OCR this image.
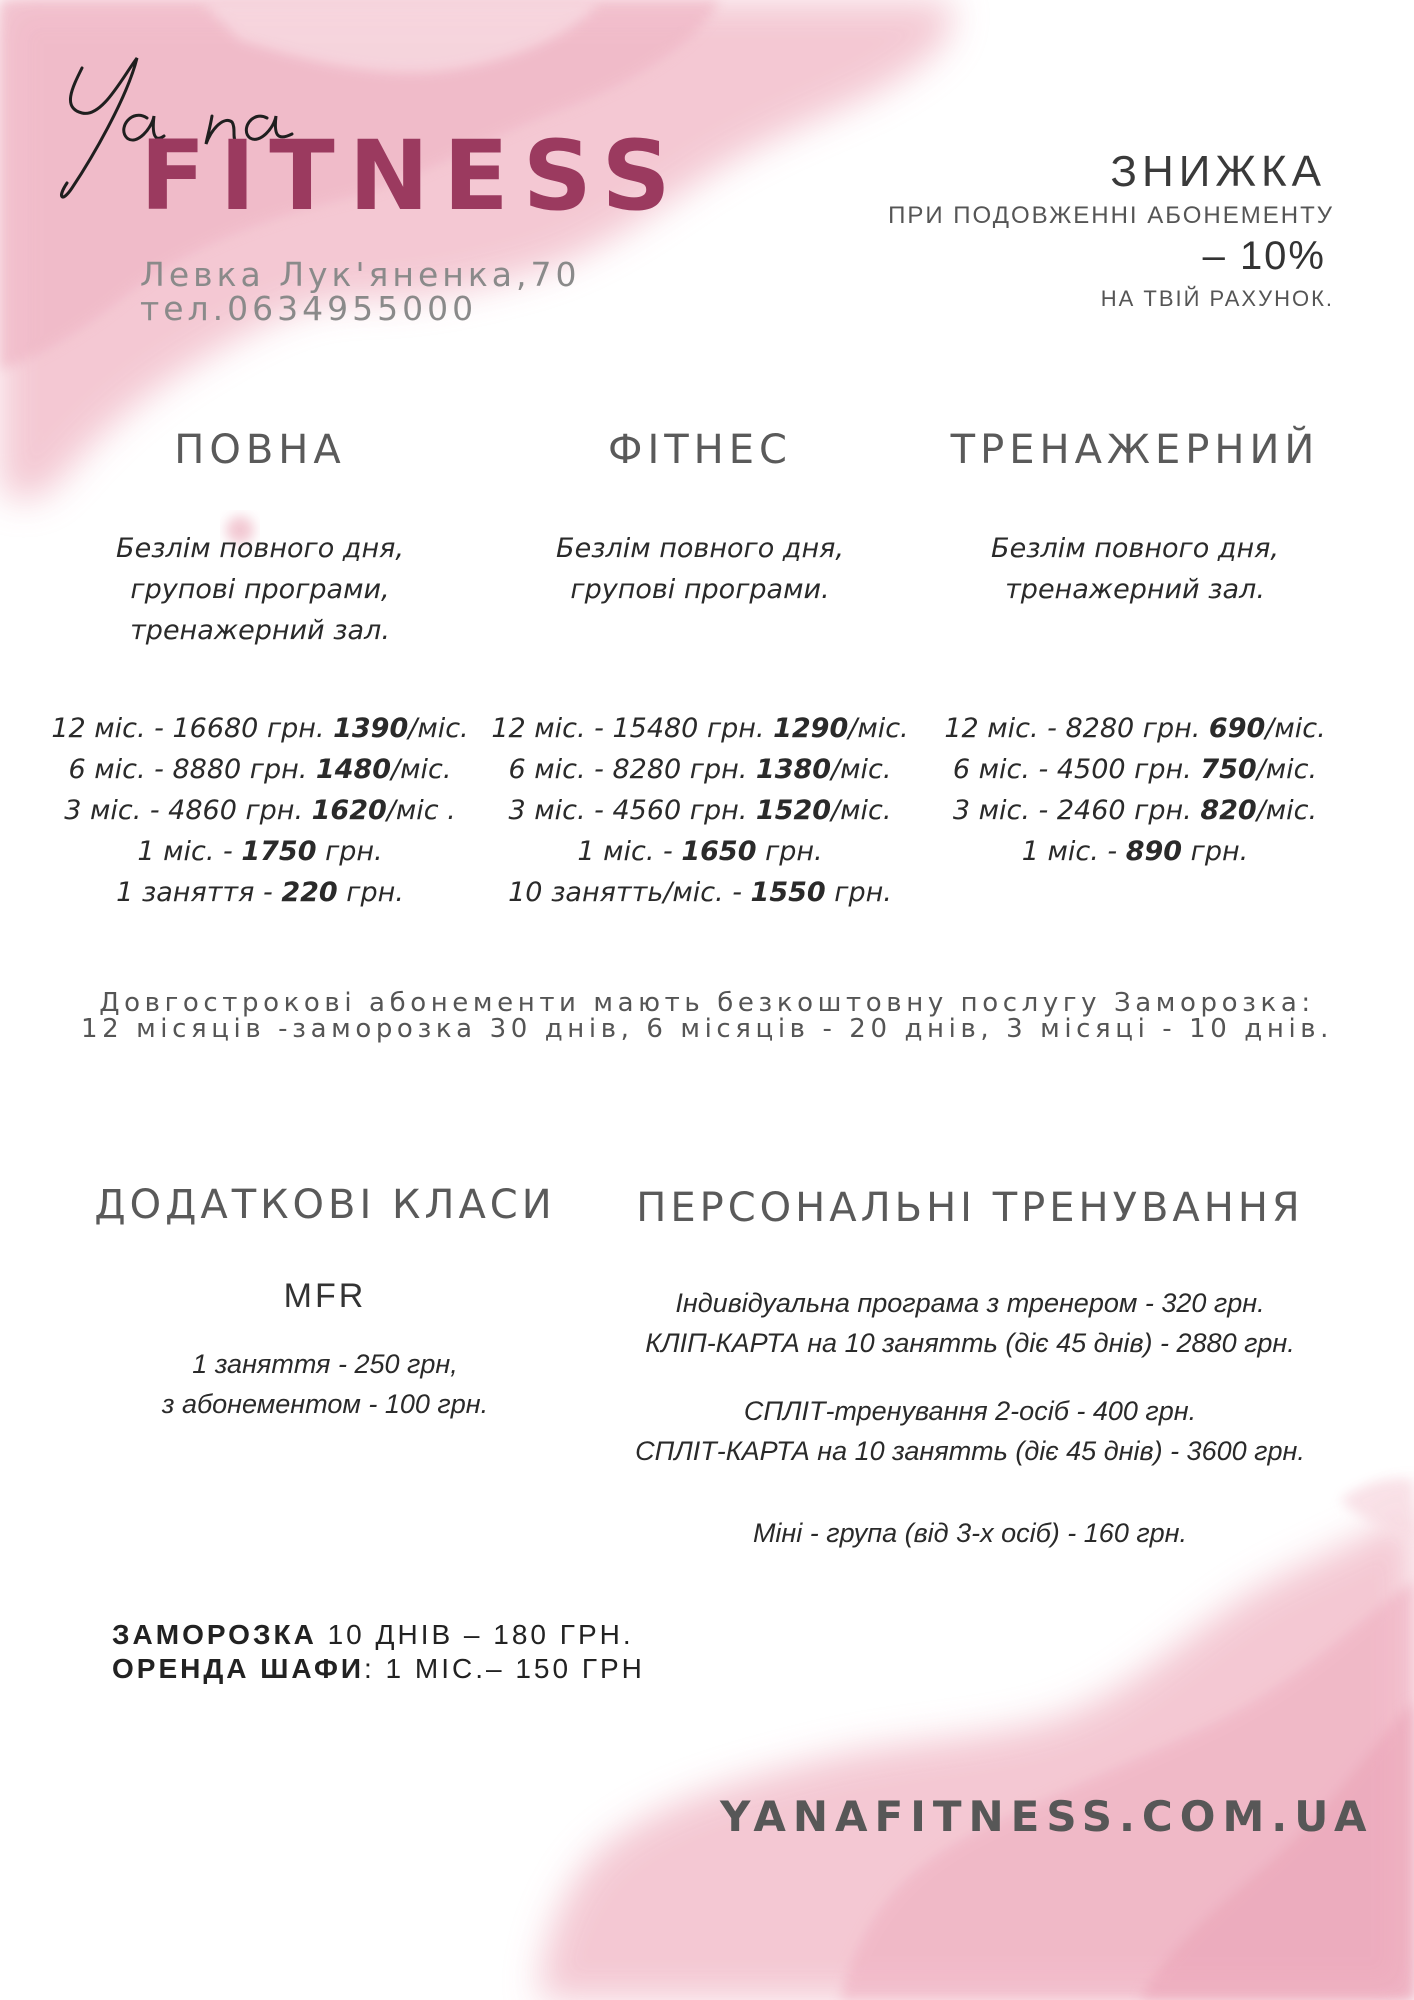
FITNESS
Левка Лук'яненка,70
тел.0634955000
ЗНИЖКА
ПРИ ПОДОВЖЕННІ АБОНЕМЕНТУ
– 10%
НА ТВІЙ РАХУНОК.
ПОВНА
Безлім повного дня,
групові програми,
тренажерний зал.
12 міс. - 16680 грн. 1390/міс.
6 міс. - 8880 грн. 1480/міс.
3 міс. - 4860 грн. 1620/міс .
1 міс. - 1750 грн.
1 заняття - 220 грн.
ФІТНЕС
Безлім повного дня,
групові програми.

12 міс. - 15480 грн. 1290/міс.
6 міс. - 8280 грн. 1380/міс.
3 міс. - 4560 грн. 1520/міс.
1 міс. - 1650 грн.
10 занятть/міс. - 1550 грн.
ТРЕНАЖЕРНИЙ
Безлім повного дня,
тренажерний зал.

12 міс. - 8280 грн. 690/міс.
6 міс. - 4500 грн. 750/міс.
3 міс. - 2460 грн. 820/міс.
1 міс. - 890 грн.
Довгострокові абонементи мають безкоштовну послугу Заморозка:
12 місяців -заморозка 30 днів, 6 місяців - 20 днів, 3 місяці - 10 днів.
ДОДАТКОВІ КЛАСИ
MFR
1 заняття - 250 грн,
з абонементом - 100 грн.
ПЕРСОНАЛЬНІ ТРЕНУВАННЯ
Індивідуальна програма з тренером - 320 грн.
КЛІП-КАРТА на 10 занятть (діє 45 днів) - 2880 грн.
СПЛІТ-тренування 2-осіб - 400 грн.
СПЛІТ-КАРТА на 10 занятть (діє 45 днів) - 3600 грн.
Міні - група (від 3-х осіб) - 160 грн.
ЗАМОРОЗКА 10 ДНІВ – 180 ГРН.
ОРЕНДА ШАФИ: 1 МІС.– 150 ГРН
YANAFITNESS.COM.UA
